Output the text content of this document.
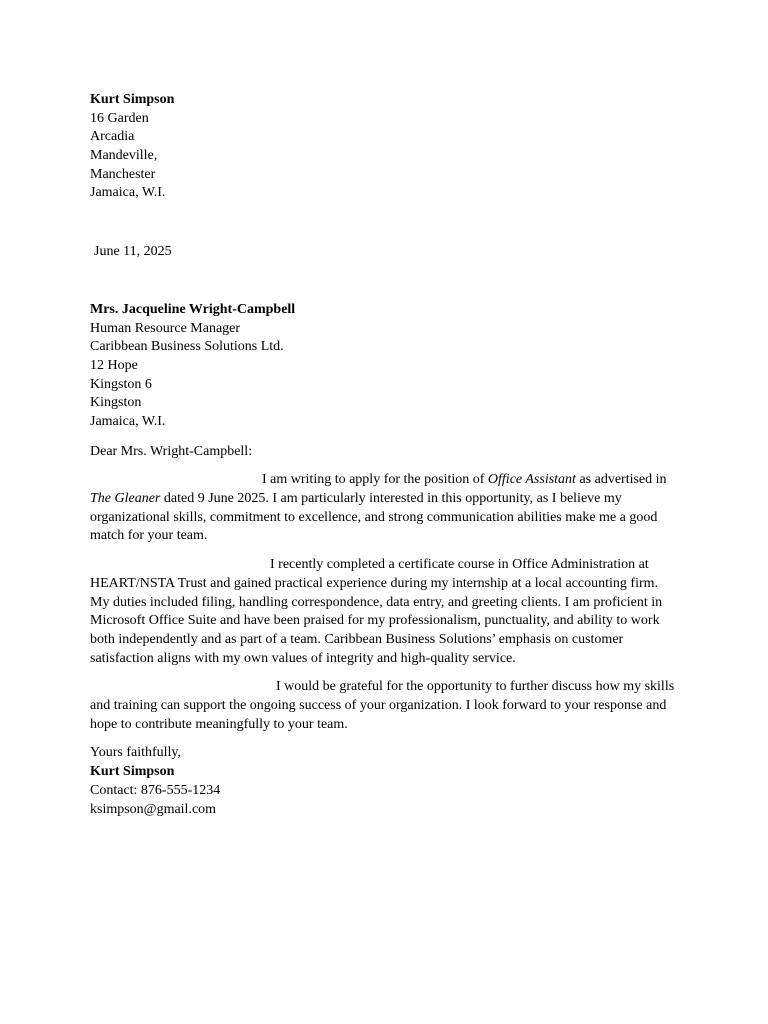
Kurt Simpson
16 Garden
Arcadia
Mandeville,
Manchester
Jamaica, W.I.
June 11, 2025
Mrs. Jacqueline Wright-Campbell
Human Resource Manager
Caribbean Business Solutions Ltd.
12 Hope
Kingston 6
Kingston
Jamaica, W.I.
Dear Mrs. Wright-Campbell:

I am writing to apply for the position of Office Assistant as advertised in The Gleaner dated 9 June 2025. I am particularly interested in this opportunity, as I believe my organizational skills, commitment to excellence, and strong communication abilities make me a good match for your team.

I recently completed a certificate course in Office Administration at HEART/NSTA Trust and gained practical experience during my internship at a local accounting firm. My duties included filing, handling correspondence, data entry, and greeting clients. I am proficient in Microsoft Office Suite and have been praised for my professionalism, punctuality, and ability to work both independently and as part of a team. Caribbean Business Solutions’ emphasis on customer satisfaction aligns with my own values of integrity and high-quality service.

I would be grateful for the opportunity to further discuss how my skills and training can support the ongoing success of your organization. I look forward to your response and hope to contribute meaningfully to your team.

Yours faithfully,
Kurt Simpson
Contact: 876-555-1234
ksimpson@gmail.com
